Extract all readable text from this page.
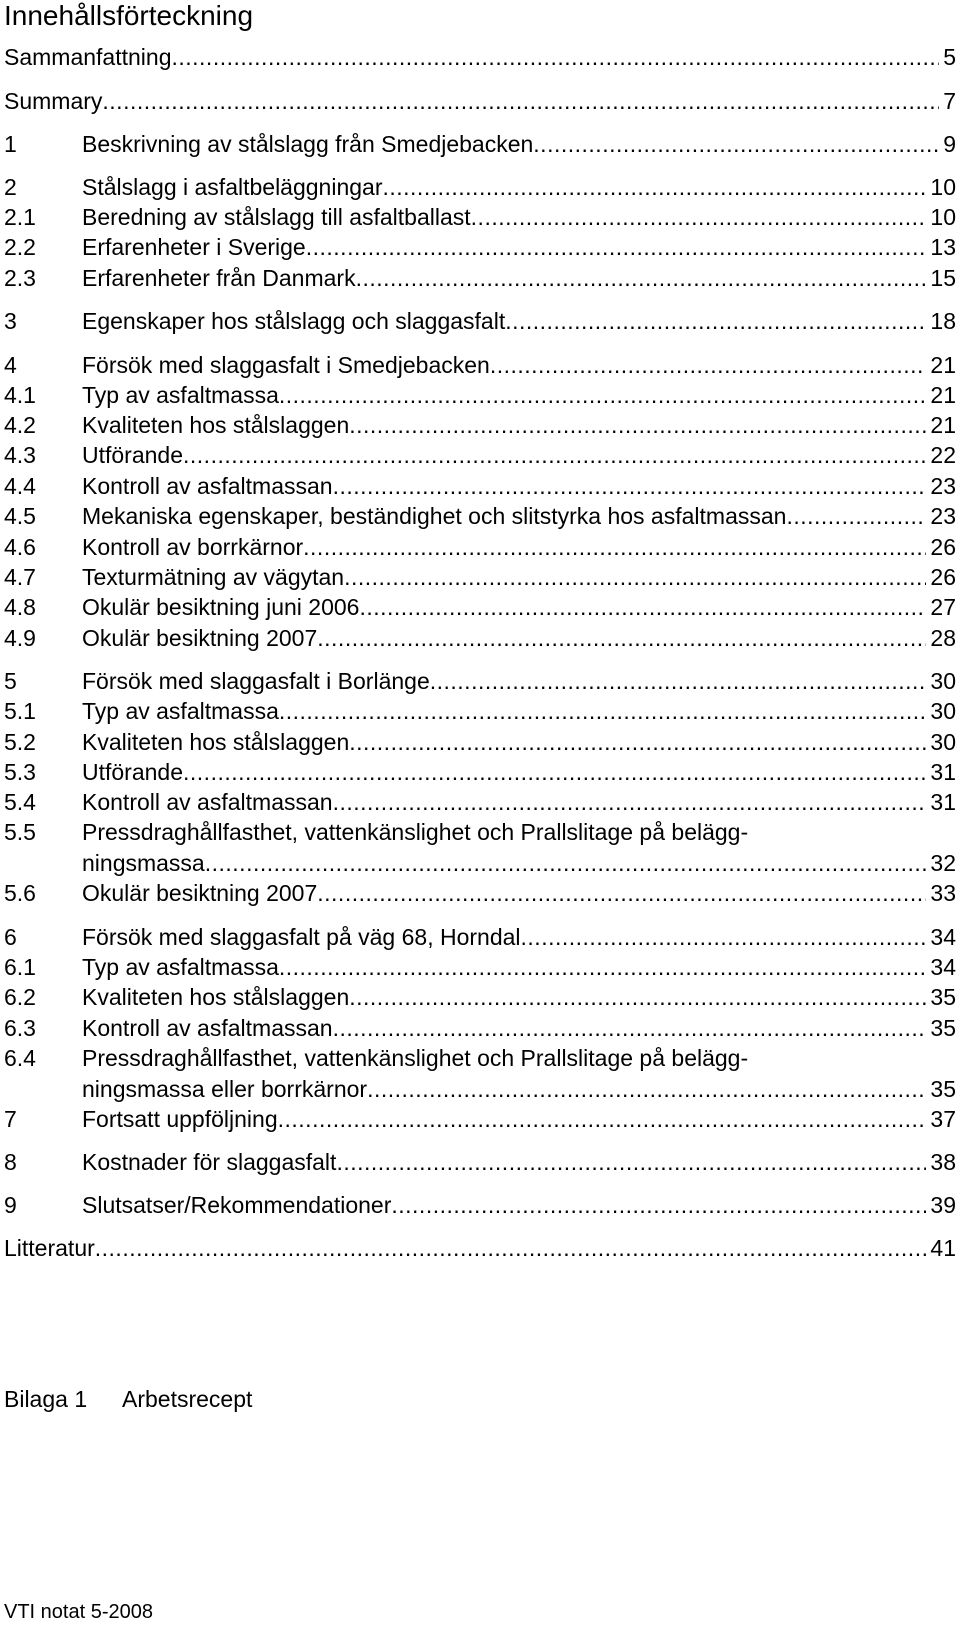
Innehållsförteckning
Sammanfattning .....	5
Summary .....	7
1	Beskrivning av stålslagg från Smedjebacken .....	9
2	Stålslagg i asfaltbeläggningar .....	10
2.1 Beredning av stålslagg till asfaltballast .....	10
2.2 Erfarenheter i Sverige .....	13
2.3 Erfarenheter från Danmark .....	15
3	Egenskaper hos stålslagg och slaggasfalt .....	18
4	Försök med slaggasfalt i Smedjebacken .....	21
4.1 Typ av asfaltmassa .....	21
4.2 Kvaliteten hos stålslaggen .....	21
4.3 Utförande .....	22
4.4 Kontroll av asfaltmassan .....	23
4.5 Mekaniska egenskaper, beständighet och slitstyrka hos asfaltmassan .....	23
4.6 Kontroll av borrkärnor .....	26
4.7 Texturmätning av vägytan .....	26
4.8 Okulär besiktning juni 2006 .....	27
4.9 Okulär besiktning 2007 .....	28
5	Försök med slaggasfalt i Borlänge .....	30
5.1 Typ av asfaltmassa .....	30
5.2 Kvaliteten hos stålslaggen .....	30
5.3 Utförande .....	31
5.4 Kontroll av asfaltmassan .....	31
5.5 Pressdraghållfasthet, vattenkänslighet och Prallslitage på belägg-
ningsmassa .....	32
5.6 Okulär besiktning 2007 .....	33
6	Försök med slaggasfalt på väg 68, Horndal .....	34
6.1 Typ av asfaltmassa .....	34
6.2 Kvaliteten hos stålslaggen .....	35
6.3 Kontroll av asfaltmassan .....	35
6.4 Pressdraghållfasthet, vattenkänslighet och Prallslitage på belägg-
ningsmassa eller borrkärnor .....	35
7	Fortsatt uppföljning .....	37
8	Kostnader för slaggasfalt .....	38
9	Slutsatser/Rekommendationer .....	39
Litteratur .....	41
Bilaga 1 Arbetsrecept
VTI notat 5-2008
